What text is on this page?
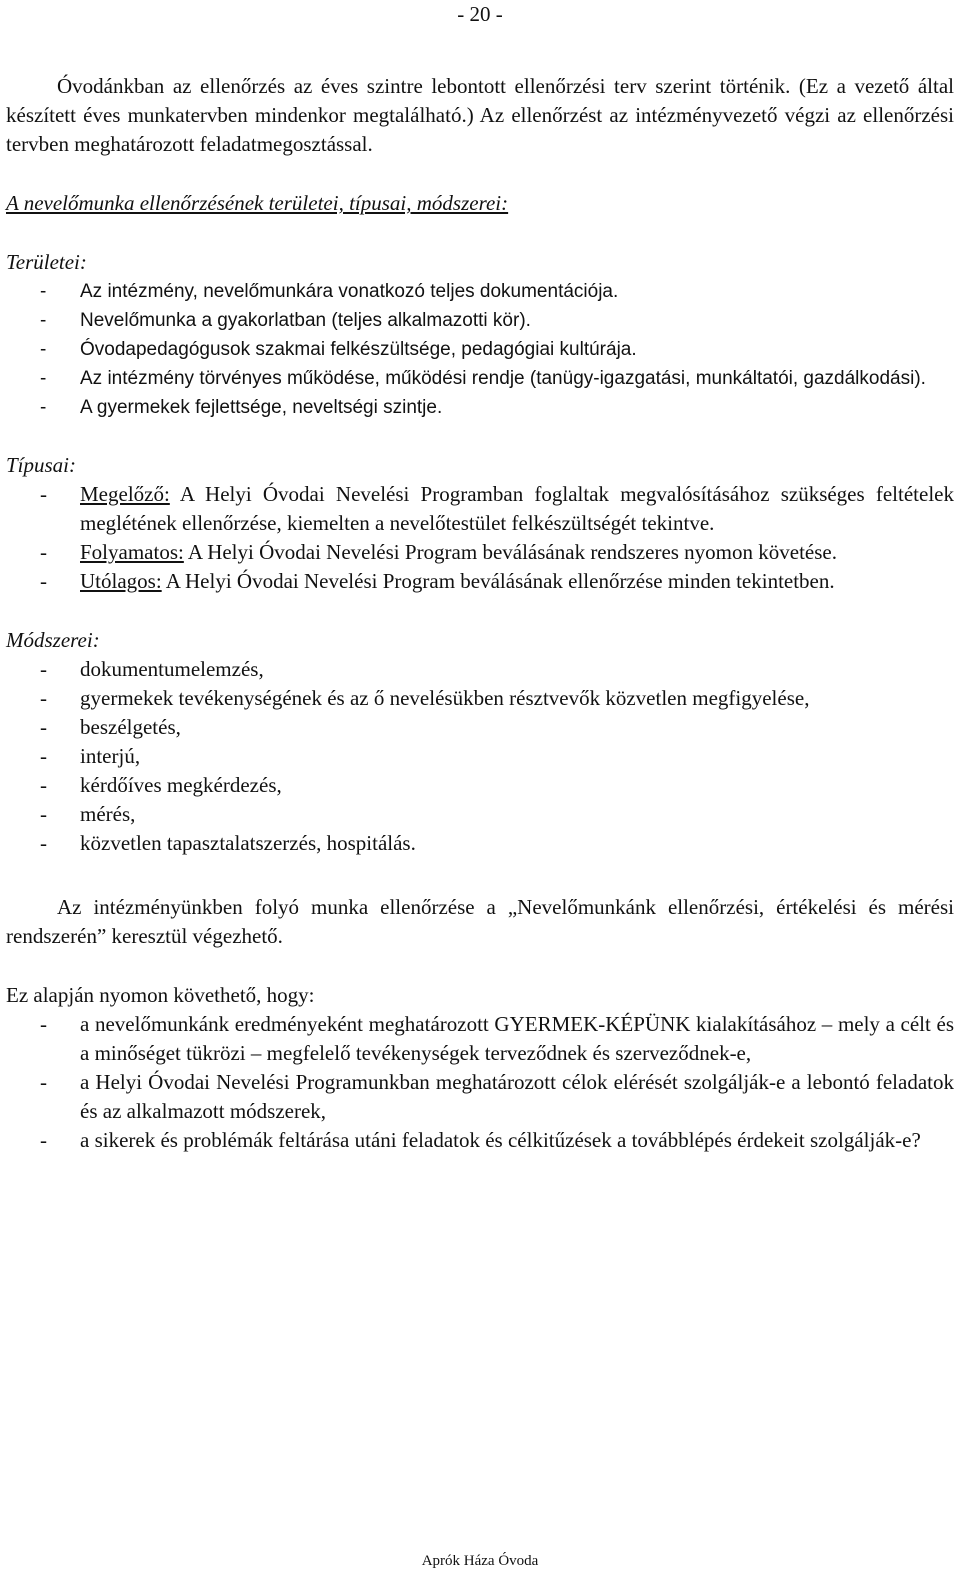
- 20 -

Óvodánkban az ellenőrzés az éves szintre lebontott ellenőrzési terv szerint történik. (Ez a vezető által készített éves munkatervben mindenkor megtalálható.) Az ellenőrzést az intézményvezető végzi az ellenőrzési tervben meghatározott feladatmegosztással.

A nevelőmunka ellenőrzésének területei, típusai, módszerei:

Területei:

- Az intézmény, nevelőmunkára vonatkozó teljes dokumentációja.
- Nevelőmunka a gyakorlatban (teljes alkalmazotti kör).
- Óvodapedagógusok szakmai felkészültsége, pedagógiai kultúrája.
- Az intézmény törvényes működése, működési rendje (tanügy-igazgatási, munkáltatói, gazdálkodási).
- A gyermekek fejlettsége, neveltségi szintje.

Típusai:

- Megelőző: A Helyi Óvodai Nevelési Programban foglaltak megvalósításához szükséges feltételek meglétének ellenőrzése, kiemelten a nevelőtestület felkészültségét tekintve.
- Folyamatos: A Helyi Óvodai Nevelési Program beválásának rendszeres nyomon követése.
- Utólagos: A Helyi Óvodai Nevelési Program beválásának ellenőrzése minden tekintetben.

Módszerei:

- dokumentumelemzés,
- gyermekek tevékenységének és az ő nevelésükben résztvevők közvetlen megfigyelése,
- beszélgetés,
- interjú,
- kérdőíves megkérdezés,
- mérés,
- közvetlen tapasztalatszerzés, hospitálás.

Az intézményünkben folyó munka ellenőrzése a „Nevelőmunkánk ellenőrzési, értékelési és mérési rendszerén” keresztül végezhető.

Ez alapján nyomon követhető, hogy:

- a nevelőmunkánk eredményeként meghatározott GYERMEK-KÉPÜNK kialakításához – mely a célt és a minőséget tükrözi – megfelelő tevékenységek terveződnek és szerveződnek-e,
- a Helyi Óvodai Nevelési Programunkban meghatározott célok elérését szolgálják-e a lebontó feladatok és az alkalmazott módszerek,
- a sikerek és problémák feltárása utáni feladatok és célkitűzések a továbblépés érdekeit szolgálják-e?
Aprók Háza Óvoda
